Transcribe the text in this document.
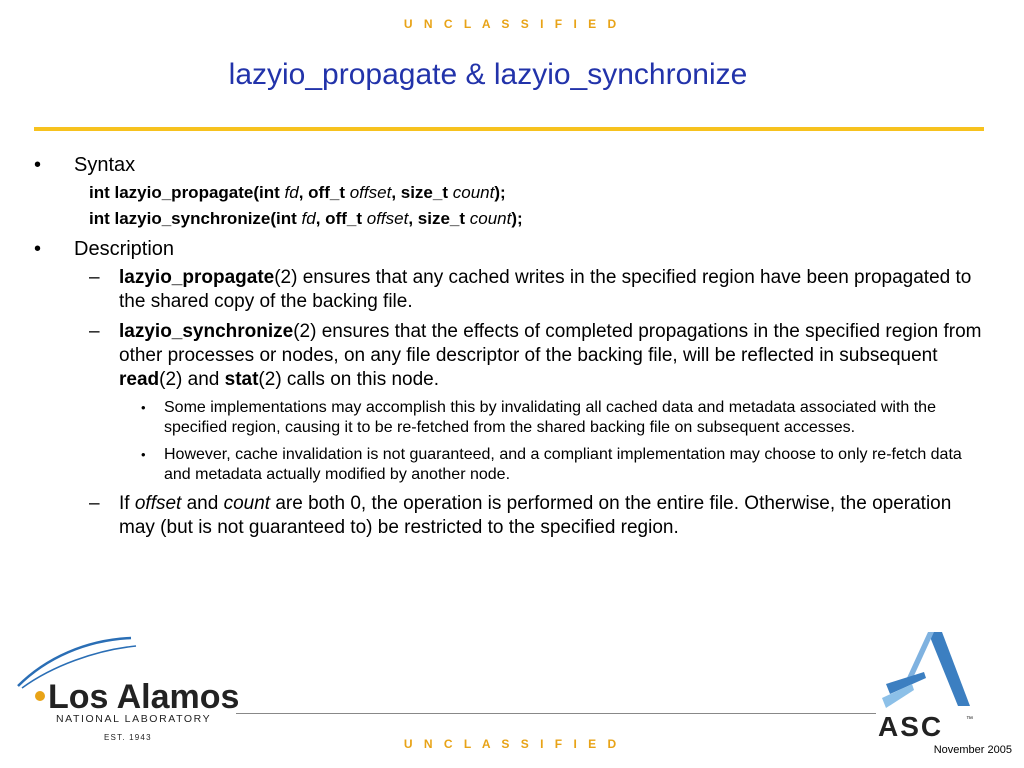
U N C L A S S I F I E D
lazyio_propagate & lazyio_synchronize
• Syntax
int lazyio_propagate(int fd, off_t offset, size_t count);
int lazyio_synchronize(int fd, off_t offset, size_t count);
• Description
– lazyio_propagate(2) ensures that any cached writes in the specified region have been propagated to the shared copy of the backing file.
– lazyio_synchronize(2) ensures that the effects of completed propagations in the specified region from other processes or nodes, on any file descriptor of the backing file, will be reflected in subsequent read(2) and stat(2) calls on this node.
• Some implementations may accomplish this by invalidating all cached data and metadata associated with the specified region, causing it to be re-fetched from the shared backing file on subsequent accesses.
• However, cache invalidation is not guaranteed, and a compliant implementation may choose to only re-fetch data and metadata actually modified by another node.
– If offset and count are both 0, the operation is performed on the entire file. Otherwise, the operation may (but is not guaranteed to) be restricted to the specified region.
Los Alamos
NATIONAL LABORATORY
EST. 1943	ASC	™
U N C L A S S I F I E D	November 2005
